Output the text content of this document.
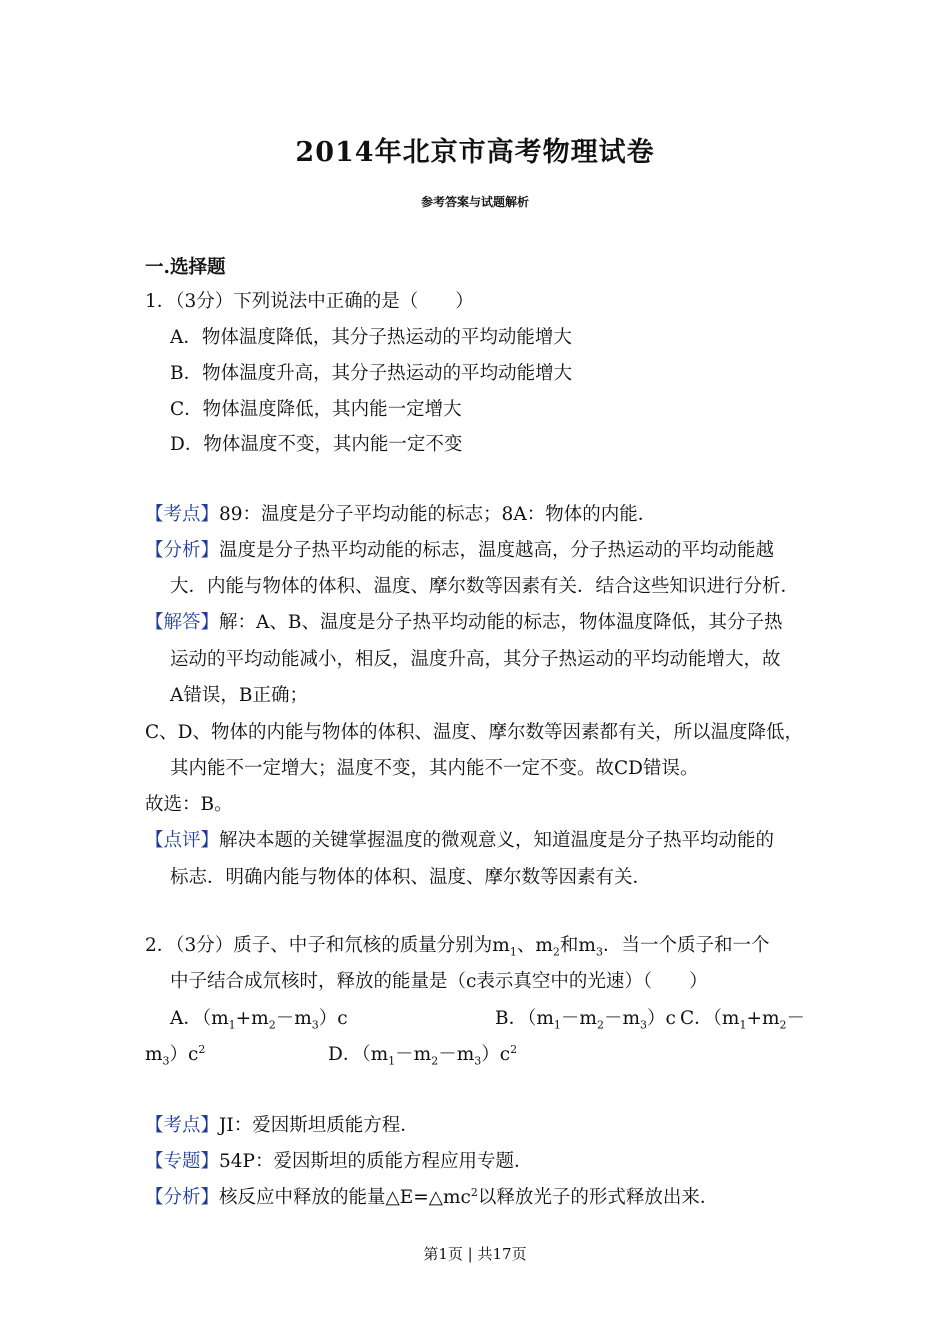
2014年北京市高考物理试卷
参考答案与试题解析
一.选择题
1．（3分）下列说法中正确的是（　　）
A．物体温度降低，其分子热运动的平均动能增大
B．物体温度升高，其分子热运动的平均动能增大
C．物体温度降低，其内能一定增大
D．物体温度不变，其内能一定不变
【考点】89：温度是分子平均动能的标志；8A：物体的内能．
【分析】温度是分子热平均动能的标志，温度越高，分子热运动的平均动能越
大．内能与物体的体积、温度、摩尔数等因素有关．结合这些知识进行分析．
【解答】解：A、B、温度是分子热平均动能的标志，物体温度降低，其分子热
运动的平均动能减小，相反，温度升高，其分子热运动的平均动能增大，故
A错误，B正确；
C、D、物体的内能与物体的体积、温度、摩尔数等因素都有关，所以温度降低，
其内能不一定增大；温度不变，其内能不一定不变。故CD错误。
故选：B。
【点评】解决本题的关键掌握温度的微观意义，知道温度是分子热平均动能的
标志．明确内能与物体的体积、温度、摩尔数等因素有关．
2．（3分）质子、中子和氘核的质量分别为$m_1$、$m_2$和$m_3$．当一个质子和一个
中子结合成氘核时，释放的能量是（c表示真空中的光速）（　　）
A．$(m_1+m_2-m_3)c$	B．$(m_1-m_2-m_3)c$ C．（$m_1+m_2-$
$m_3)c^2$	D．$(m_1-m_2-m_3)c^2$
【考点】JI：爱因斯坦质能方程．
【专题】54P：爱因斯坦的质能方程应用专题．
【分析】核反应中释放的能量$\triangle E=\triangle mc^2$以释放光子的形式释放出来．
第1页 | 共17页
